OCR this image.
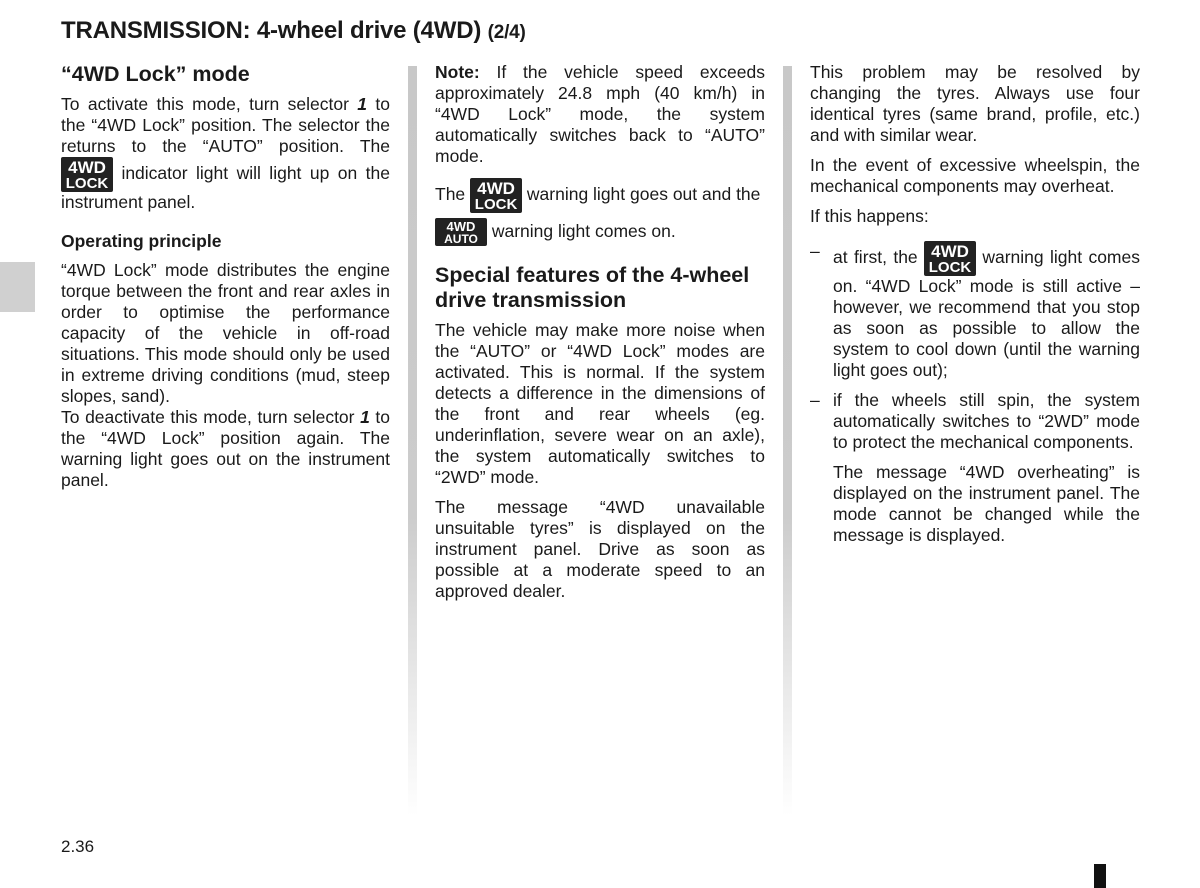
TRANSMISSION: 4-wheel drive (4WD) (2/4)
“4WD Lock” mode

To activate this mode, turn selector 1 to the “4WD Lock” position. The selector the returns to the “AUTO” position. The
4WD
LOCK
indicator light will light up on the instrument panel.

Operating principle

“4WD Lock” mode distributes the engine torque between the front and rear axles in order to optimise the performance capacity of the vehicle in off-road situations. This mode should only be used in extreme driving conditions (mud, steep slopes, sand).

To deactivate this mode, turn selector 1 to the “4WD Lock” position again. The warning light goes out on the instrument panel.

Note: If the vehicle speed exceeds approximately 24.8 mph (40 km/h) in “4WD Lock” mode, the system automatically switches back to “AUTO” mode.

The 4WD
LOCK
warning light goes out and the
4WD
AUTO warning light comes on.

Special features of the 4-wheel drive transmission

The vehicle may make more noise when the “AUTO” or “4WD Lock” modes are activated. This is normal. If the system detects a difference in the dimensions of the front and rear wheels (eg. underinflation, severe wear on an axle), the system automatically switches to “2WD” mode.

The message “4WD unavailable unsuitable tyres” is displayed on the instrument panel. Drive as soon as possible at a moderate speed to an approved dealer.

This problem may be resolved by changing the tyres. Always use four identical tyres (same brand, profile, etc.) and with similar wear.

In the event of excessive wheelspin, the mechanical components may overheat.

If this happens:

– at first, the 4WD
LOCK
warning light comes on. “4WD Lock” mode is still active – however, we recommend that you stop as soon as possible to allow the system to cool down (until the warning light goes out);
– if the wheels still spin, the system automatically switches to “2WD” mode to protect the mechanical components.

The message “4WD overheating” is displayed on the instrument panel. The mode cannot be changed while the message is displayed.

2.36
